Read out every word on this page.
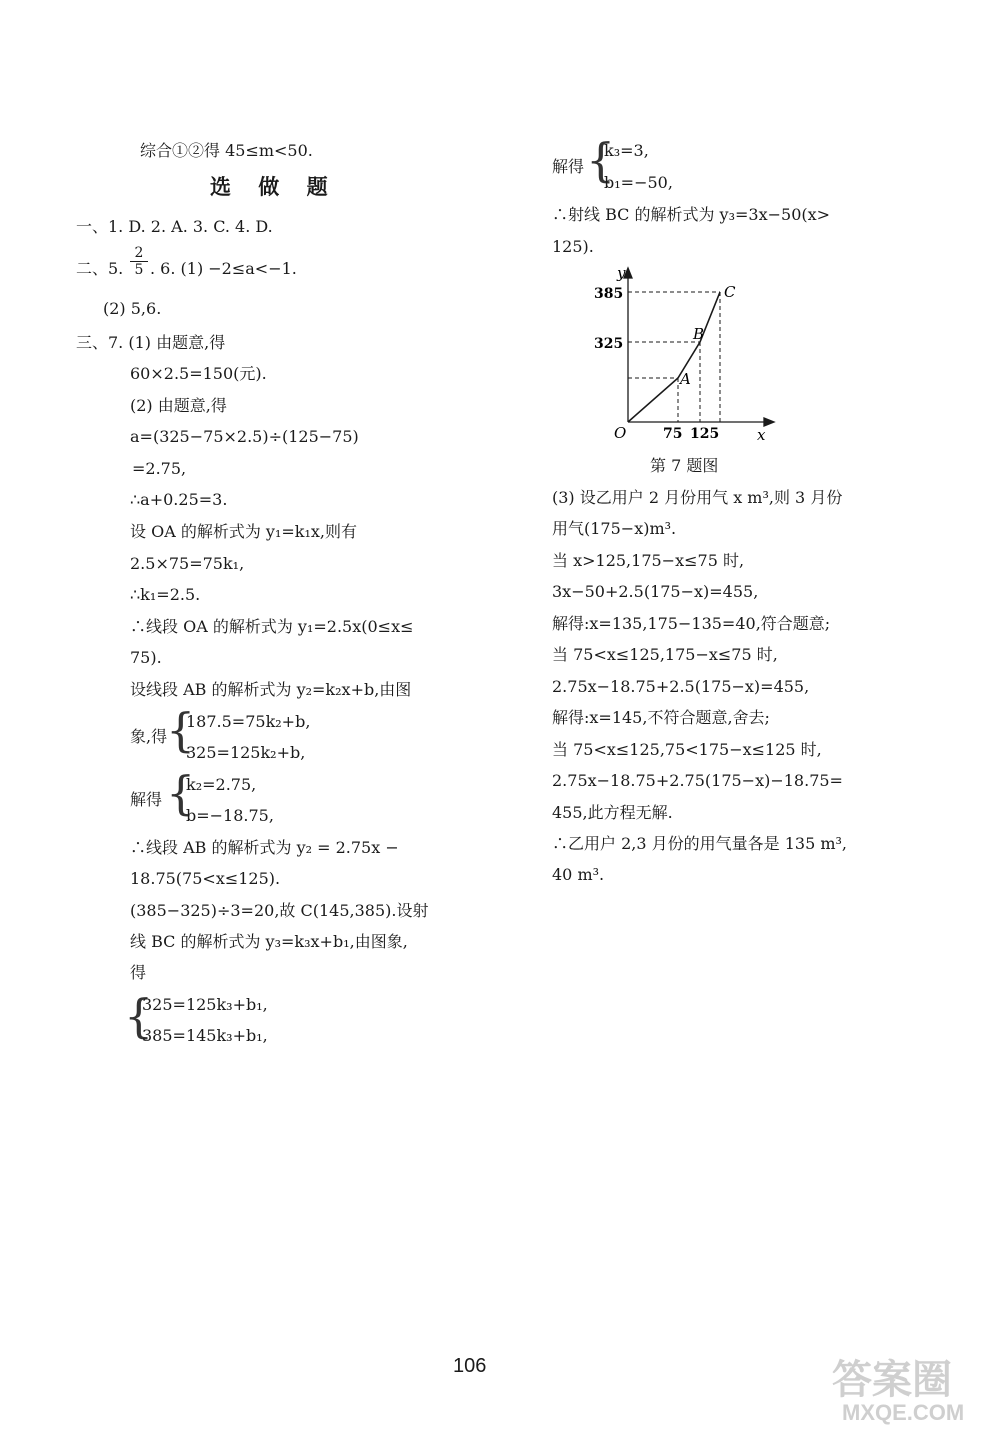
综合①②得 45≤m<50.
选 做 题
一、1. D. 2. A. 3. C. 4. D.
二、5. $\frac{2}{5}$ . 6. (1) −2≤a<−1.
(2) 5,6.
三、7. (1) 由题意,得
60×2.5=150(元).
(2) 由题意,得
a=(325−75×2.5)÷(125−75)
=2.75,
∴a+0.25=3.
设 OA 的解析式为 y₁=k₁x,则有
2.5×75=75k₁,
∴k₁=2.5.
∴线段 OA 的解析式为 y₁=2.5x(0≤x≤
75).
设线段 AB 的解析式为 y₂=k₂x+b,由图
象,得
{
187.5=75k₂+b,
325=125k₂+b,
解得 {
k₂=2.75,
b=−18.75,
∴线段 AB 的解析式为 y₂ = 2.75x −
18.75(75<x≤125).
(385−325)÷3=20,故 C(145,385).设射
线 BC 的解析式为 y₃=k₃x+b₁,由图象,
得
{
325=125k₃+b₁,
385=145k₃+b₁,
解得 {
k₃=3,
b₁=−50,
∴射线 BC 的解析式为 y₃=3x−50(x>
125).
y
x
O
385
325
75 125
A
B
C
第 7 题图
(3) 设乙用户 2 月份用气 x m³,则 3 月份
用气(175−x)m³.
当 x>125,175−x≤75 时,
3x−50+2.5(175−x)=455,
解得:x=135,175−135=40,符合题意;
当 75<x≤125,175−x≤75 时,
2.75x−18.75+2.5(175−x)=455,
解得:x=145,不符合题意,舍去;
当 75<x≤125,75<175−x≤125 时,
2.75x−18.75+2.75(175−x)−18.75=
455,此方程无解.
∴乙用户 2,3 月份的用气量各是 135 m³,
40 m³.
106	答案圈
MXQE.COM
